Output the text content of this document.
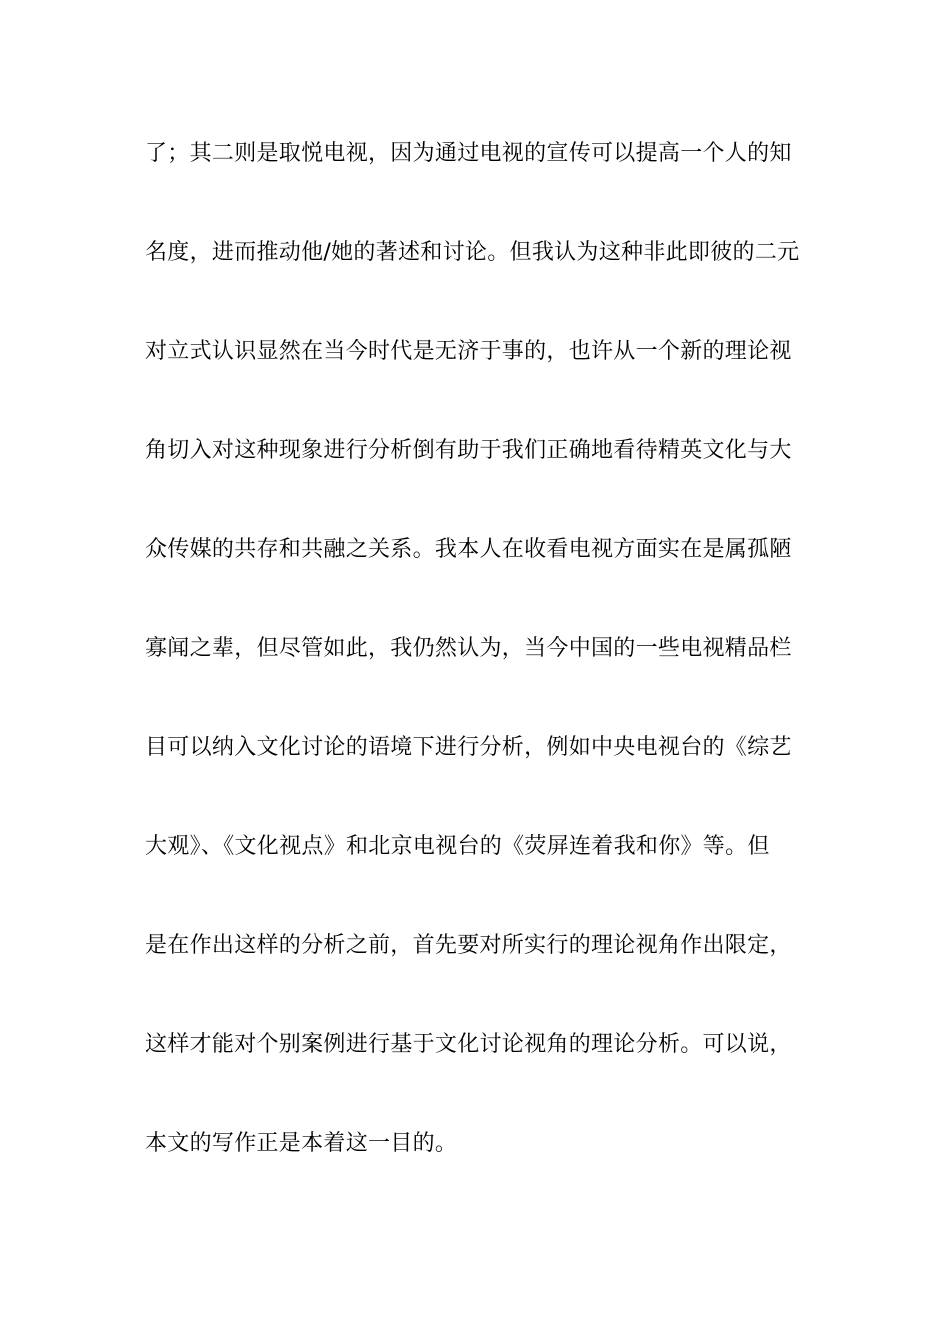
了；其二则是取悦电视，因为通过电视的宣传可以提高一个人的知
名度，进而推动他/她的著述和讨论。但我认为这种非此即彼的二元
对立式认识显然在当今时代是无济于事的，也许从一个新的理论视
角切入对这种现象进行分析倒有助于我们正确地看待精英文化与大
众传媒的共存和共融之关系。我本人在收看电视方面实在是属孤陋
寡闻之辈，但尽管如此，我仍然认为，当今中国的一些电视精品栏
目可以纳入文化讨论的语境下进行分析，例如中央电视台的《综艺
大观》、《文化视点》和北京电视台的《荧屏连着我和你》等。但
是在作出这样的分析之前，首先要对所实行的理论视角作出限定，
这样才能对个别案例进行基于文化讨论视角的理论分析。可以说，
本文的写作正是本着这一目的。
